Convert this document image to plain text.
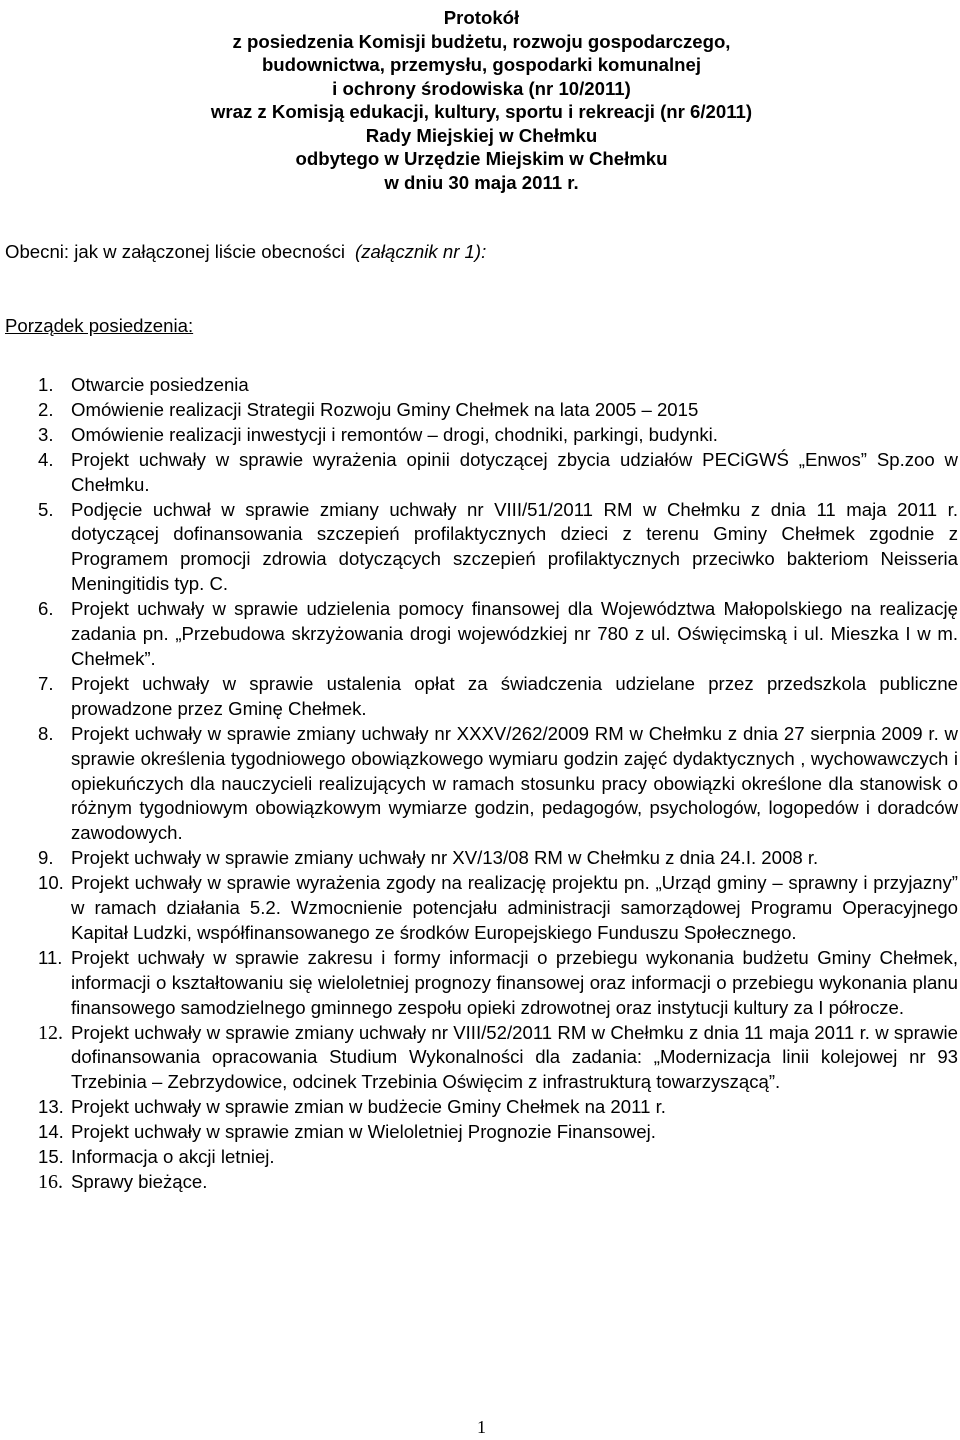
Protokół
z posiedzenia Komisji budżetu, rozwoju gospodarczego,
budownictwa, przemysłu, gospodarki komunalnej
i ochrony środowiska (nr 10/2011)
wraz z Komisją edukacji, kultury, sportu i rekreacji (nr 6/2011)
Rady Miejskiej w Chełmku
odbytego w Urzędzie Miejskim w Chełmku
w dniu 30 maja 2011 r.
Obecni: jak w załączonej liście obecności (załącznik nr 1):
Porządek posiedzenia:
1. Otwarcie posiedzenia
2. Omówienie realizacji Strategii Rozwoju Gminy Chełmek na lata 2005 – 2015
3. Omówienie realizacji inwestycji i remontów – drogi, chodniki, parkingi, budynki.
4. Projekt uchwały w sprawie wyrażenia opinii dotyczącej zbycia udziałów PECiGWŚ „Enwos” Sp.zoo w Chełmku.
5. Podjęcie uchwał w sprawie zmiany uchwały nr VIII/51/2011 RM w Chełmku z dnia 11 maja 2011 r. dotyczącej dofinansowania szczepień profilaktycznych dzieci z terenu Gminy Chełmek zgodnie z Programem promocji zdrowia dotyczących szczepień profilaktycznych przeciwko bakteriom Neisseria Meningitidis typ. C.
6. Projekt uchwały w sprawie udzielenia pomocy finansowej dla Województwa Małopolskiego na realizację zadania pn. „Przebudowa skrzyżowania drogi wojewódzkiej nr 780 z ul. Oświęcimską i ul. Mieszka I w m. Chełmek”.
7. Projekt uchwały w sprawie ustalenia opłat za świadczenia udzielane przez przedszkola publiczne prowadzone przez Gminę Chełmek.
8. Projekt uchwały w sprawie zmiany uchwały nr XXXV/262/2009 RM w Chełmku z dnia 27 sierpnia 2009 r. w sprawie określenia tygodniowego obowiązkowego wymiaru godzin zajęć dydaktycznych , wychowawczych i opiekuńczych dla nauczycieli realizujących w ramach stosunku pracy obowiązki określone dla stanowisk o różnym tygodniowym obowiązkowym wymiarze godzin, pedagogów, psychologów, logopedów i doradców zawodowych.
9. Projekt uchwały w sprawie zmiany uchwały nr XV/13/08 RM w Chełmku z dnia 24.I. 2008 r.
10. Projekt uchwały w sprawie wyrażenia zgody na realizację projektu pn. „Urząd gminy – sprawny i przyjazny” w ramach działania 5.2. Wzmocnienie potencjału administracji samorządowej Programu Operacyjnego Kapitał Ludzki, współfinansowanego ze środków Europejskiego Funduszu Społecznego.
11. Projekt uchwały w sprawie zakresu i formy informacji o przebiegu wykonania budżetu Gminy Chełmek, informacji o kształtowaniu się wieloletniej prognozy finansowej oraz informacji o przebiegu wykonania planu finansowego samodzielnego gminnego zespołu opieki zdrowotnej oraz instytucji kultury za I półrocze.
12. Projekt uchwały w sprawie zmiany uchwały nr VIII/52/2011 RM w Chełmku z dnia 11 maja 2011 r. w sprawie dofinansowania opracowania Studium Wykonalności dla zadania: „Modernizacja linii kolejowej nr 93 Trzebinia – Zebrzydowice, odcinek Trzebinia Oświęcim z infrastrukturą towarzyszącą”.
13. Projekt uchwały w sprawie zmian w budżecie Gminy Chełmek na 2011 r.
14. Projekt uchwały w sprawie zmian w Wieloletniej Prognozie Finansowej.
15. Informacja o akcji letniej.
16. Sprawy bieżące.
1
